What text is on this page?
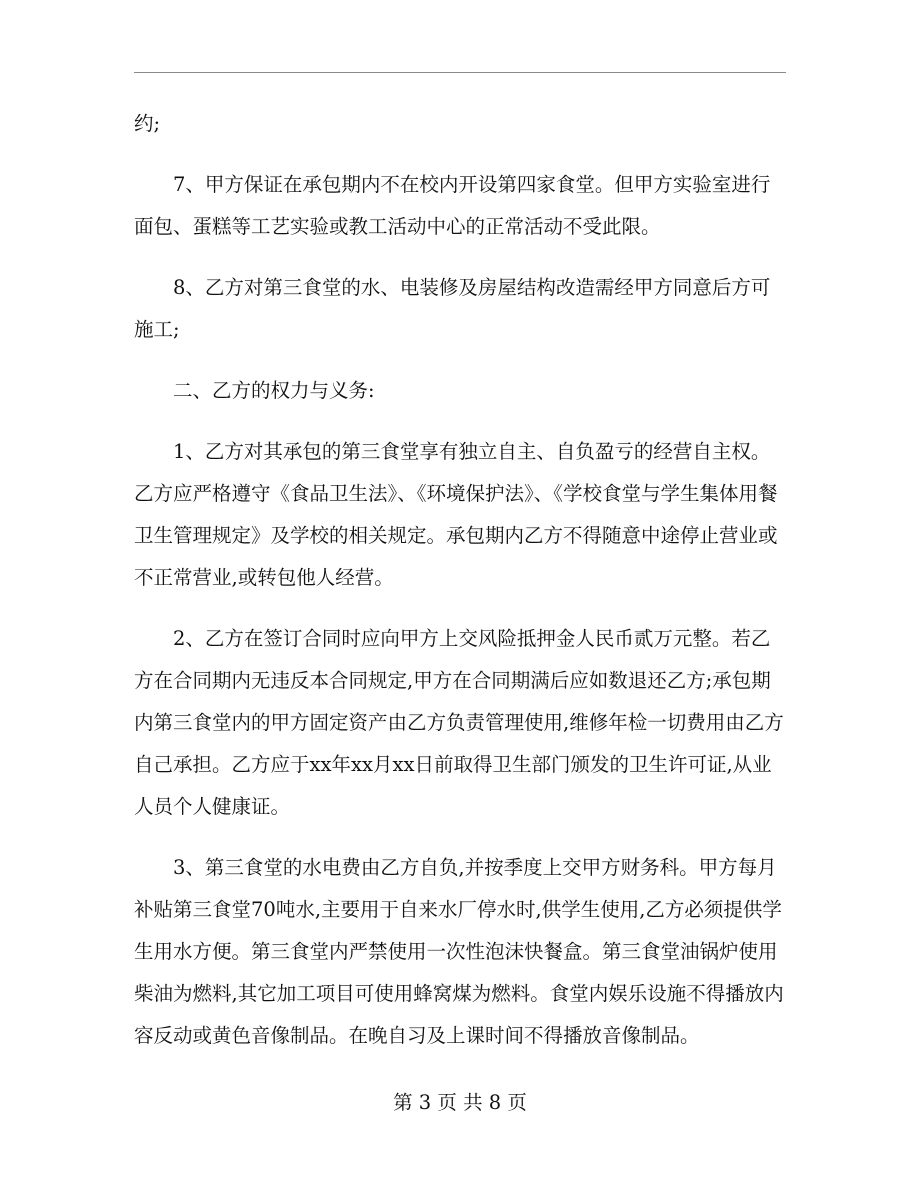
约;

7、甲方保证在承包期内不在校内开设第四家食堂。但甲方实验室进行面包、蛋糕等工艺实验或教工活动中心的正常活动不受此限。

8、乙方对第三食堂的水、电装修及房屋结构改造需经甲方同意后方可施工;

二、乙方的权力与义务:

1、乙方对其承包的第三食堂享有独立自主、自负盈亏的经营自主权。乙方应严格遵守《食品卫生法》、《环境保护法》、《学校食堂与学生集体用餐卫生管理规定》及学校的相关规定。承包期内乙方不得随意中途停止营业或不正常营业,或转包他人经营。

2、乙方在签订合同时应向甲方上交风险抵押金人民币贰万元整。若乙方在合同期内无违反本合同规定,甲方在合同期满后应如数退还乙方;承包期内第三食堂内的甲方固定资产由乙方负责管理使用,维修年检一切费用由乙方自己承担。乙方应于xx年xx月xx日前取得卫生部门颁发的卫生许可证,从业人员个人健康证。

3、第三食堂的水电费由乙方自负,并按季度上交甲方财务科。甲方每月补贴第三食堂70吨水,主要用于自来水厂停水时,供学生使用,乙方必须提供学生用水方便。第三食堂内严禁使用一次性泡沫快餐盒。第三食堂油锅炉使用柴油为燃料,其它加工项目可使用蜂窝煤为燃料。食堂内娱乐设施不得播放内容反动或黄色音像制品。在晚自习及上课时间不得播放音像制品。

第 3 页 共 8 页
